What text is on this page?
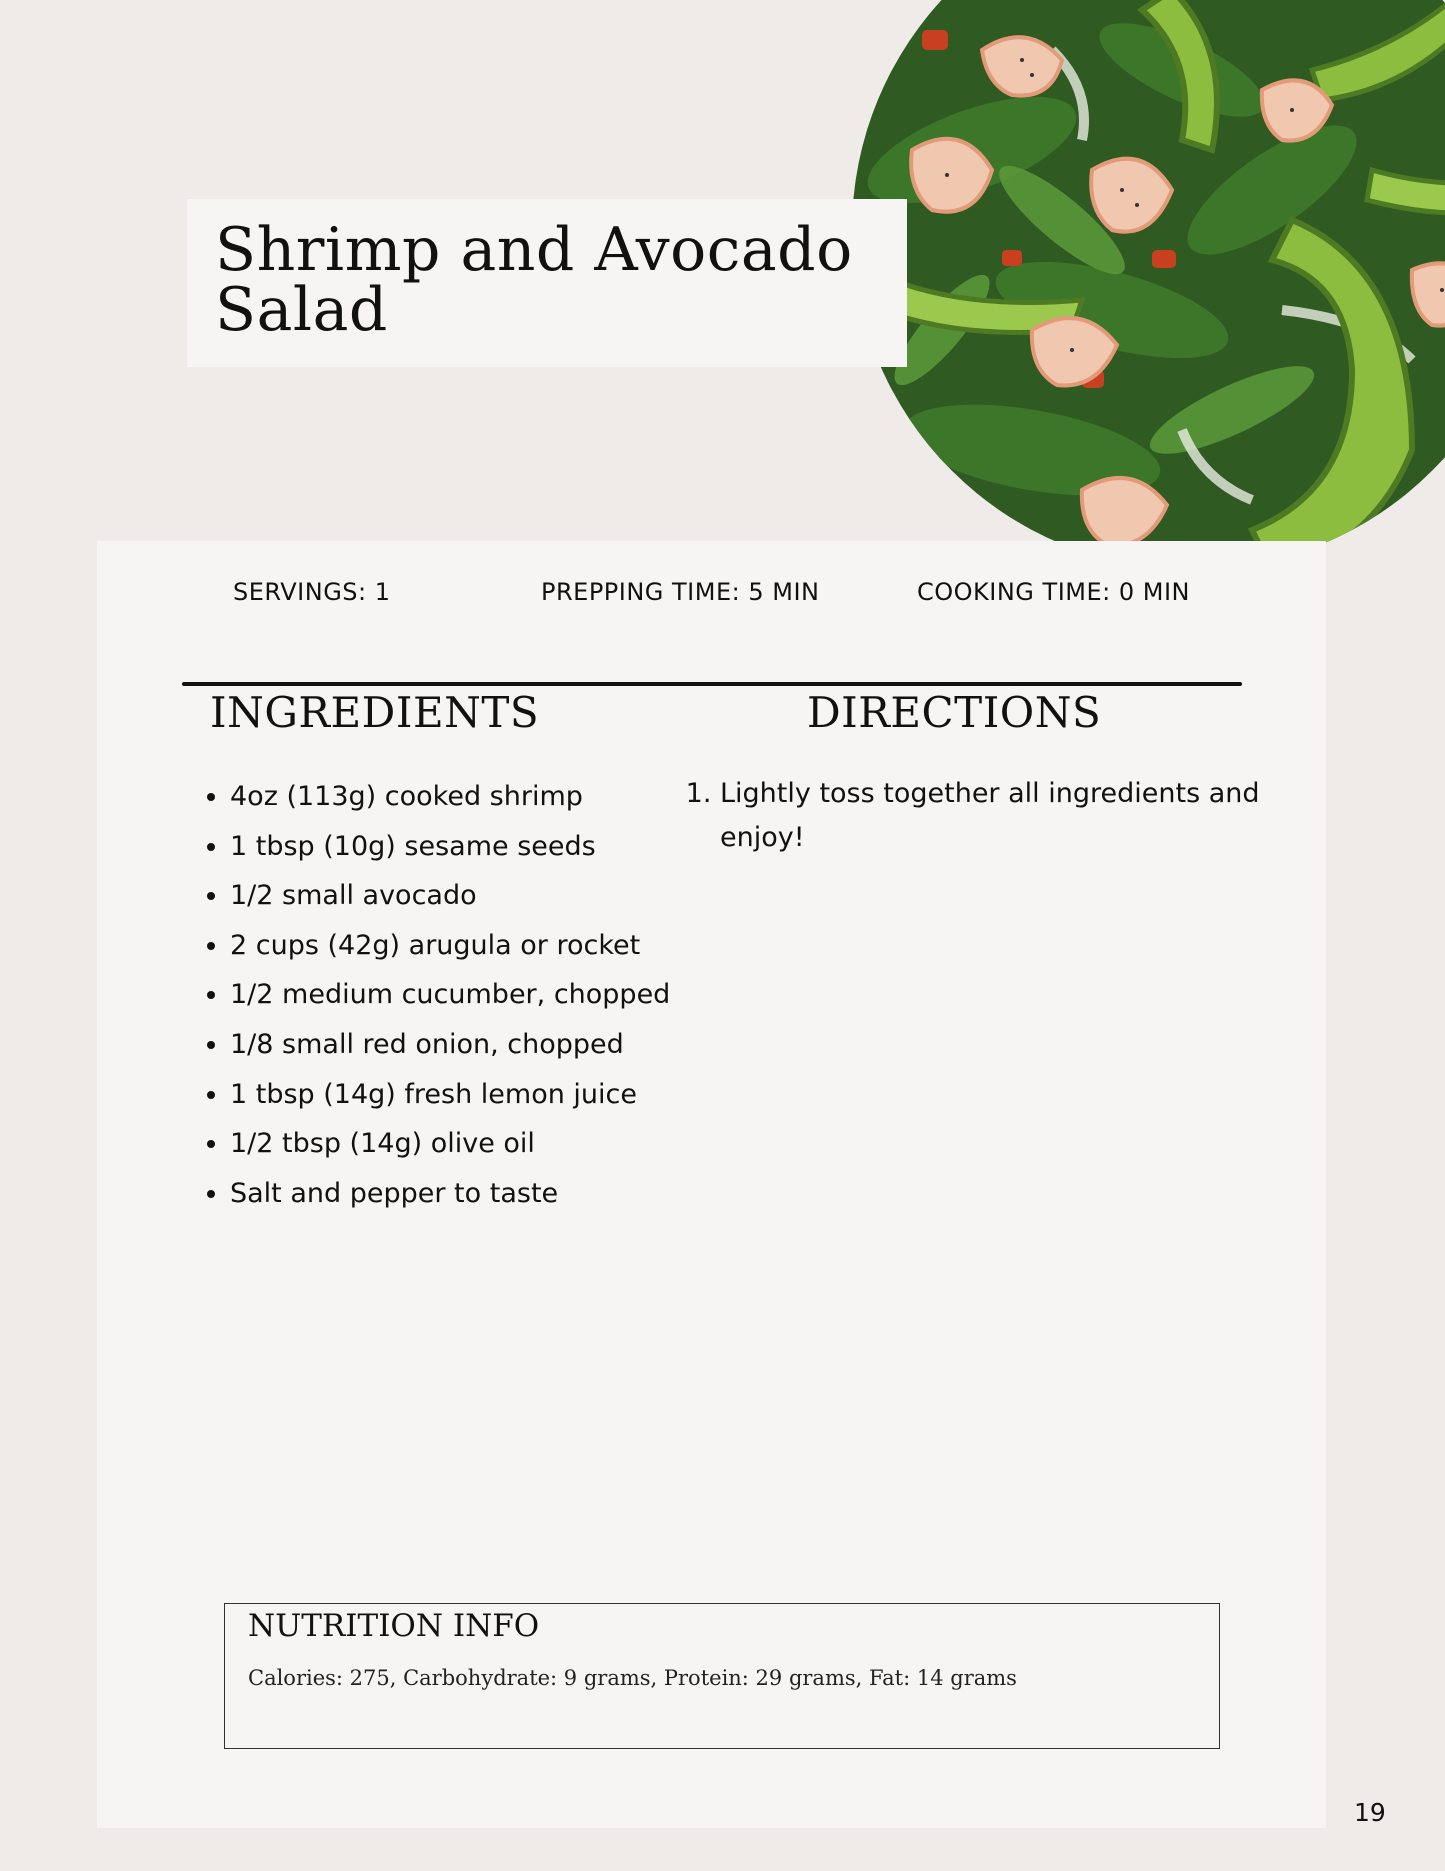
Shrimp and Avocado Salad
SERVINGS: 1	PREPPING TIME: 5 MIN	COOKING TIME: 0 MIN
INGREDIENTS	DIRECTIONS
• 4oz (113g) cooked shrimp
• 1 tbsp (10g) sesame seeds
• 1/2 small avocado
• 2 cups (42g) arugula or rocket
• 1/2 medium cucumber, chopped
• 1/8 small red onion, chopped
• 1 tbsp (14g) fresh lemon juice
• 1/2 tbsp (14g) olive oil
• Salt and pepper to taste
1. Lightly toss together all ingredients and enjoy!
NUTRITION INFO
Calories: 275, Carbohydrate: 9 grams, Protein: 29 grams, Fat: 14 grams
19
